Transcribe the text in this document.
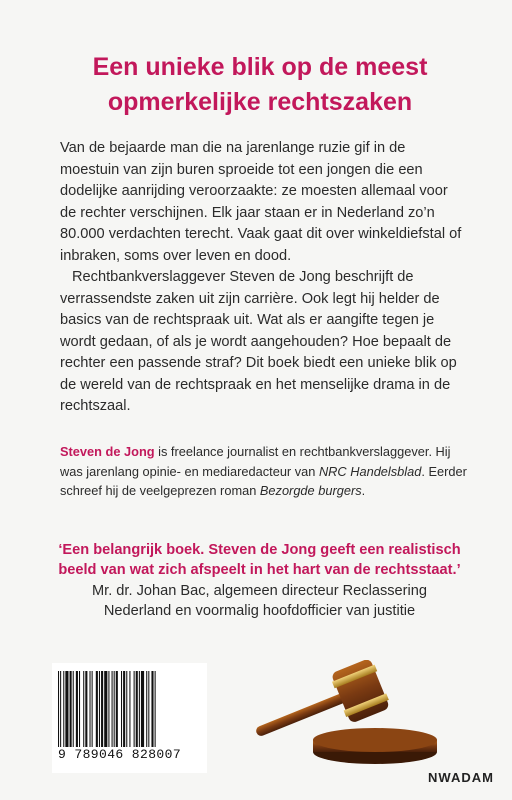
Een unieke blik op de meest
opmerkelijke rechtszaken

Van de bejaarde man die na jarenlange ruzie gif in de moestuin van zijn buren sproeide tot een jongen die een dodelijke aanrijding veroorzaakte: ze moesten allemaal voor de rechter verschijnen. Elk jaar staan er in Nederland zo’n 80.000 verdachten terecht. Vaak gaat dit over winkeldiefstal of inbraken, soms over leven en dood.

Rechtbankverslaggever Steven de Jong beschrijft de verrassendste zaken uit zijn carrière. Ook legt hij helder de basics van de rechtspraak uit. Wat als er aangifte tegen je wordt gedaan, of als je wordt aangehouden? Hoe bepaalt de rechter een passende straf? Dit boek biedt een unieke blik op de wereld van de rechtspraak en het menselijke drama in de rechtszaal.

Steven de Jong is freelance journalist en rechtbankverslaggever. Hij was jarenlang opinie- en mediaredacteur van NRC Handelsblad. Eerder schreef hij de veelgeprezen roman Bezorgde burgers.

‘Een belangrijk boek. Steven de Jong geeft een realistisch beeld van wat zich afspeelt in het hart van de rechtsstaat.’

Mr. dr. Johan Bac, algemeen directeur Reclassering
Nederland en voormalig hoofdofficier van justitie

9 789046 828007
NWADAM
